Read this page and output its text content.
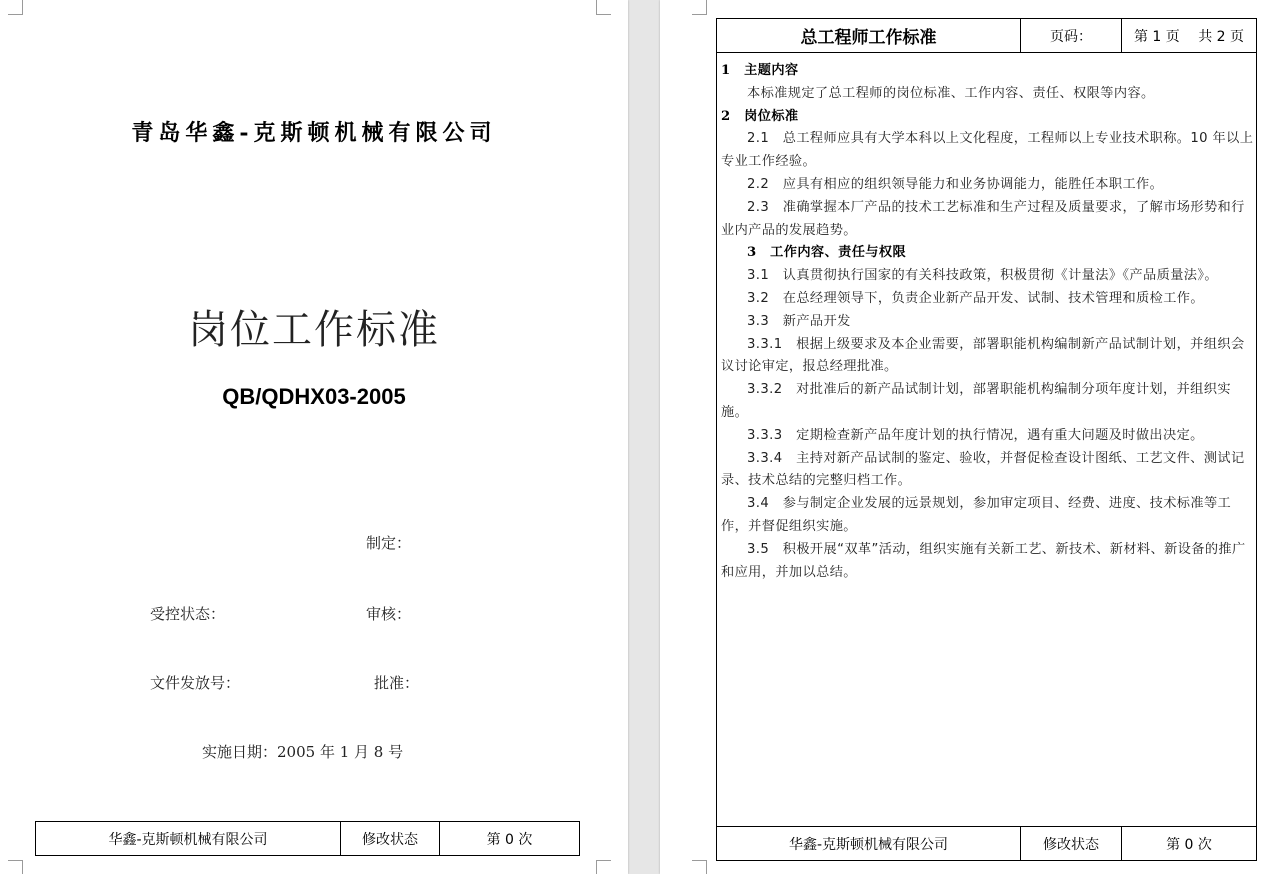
青岛华鑫-克斯顿机械有限公司
岗位工作标准
QB/QDHX03-2005
制定：
受控状态：	审核：
文件发放号：	批准：
实施日期：2005 年 1 月 8 号
华鑫-克斯顿机械有限公司	修改状态	第 0 次
总工程师工作标准	页码：	第 1 页　 共 2 页

1　主题内容

本标准规定了总工程师的岗位标准、工作内容、责任、权限等内容。

2　岗位标准

2.1　总工程师应具有大学本科以上文化程度，工程师以上专业技术职称。10 年以上专业工作经验。

2.2　应具有相应的组织领导能力和业务协调能力，能胜任本职工作。

2.3　准确掌握本厂产品的技术工艺标准和生产过程及质量要求，了解市场形势和行业内产品的发展趋势。

3　工作内容、责任与权限

3.1　认真贯彻执行国家的有关科技政策，积极贯彻《计量法》《产品质量法》。

3.2　在总经理领导下，负责企业新产品开发、试制、技术管理和质检工作。

3.3　新产品开发

3.3.1　根据上级要求及本企业需要，部署职能机构编制新产品试制计划，并组织会议讨论审定，报总经理批准。

3.3.2　对批准后的新产品试制计划，部署职能机构编制分项年度计划，并组织实施。

3.3.3　定期检查新产品年度计划的执行情况，遇有重大问题及时做出决定。

3.3.4　主持对新产品试制的鉴定、验收，并督促检查设计图纸、工艺文件、测试记录、技术总结的完整归档工作。

3.4　参与制定企业发展的远景规划，参加审定项目、经费、进度、技术标准等工作，并督促组织实施。

3.5　积极开展“双革”活动，组织实施有关新工艺、新技术、新材料、新设备的推广和应用，并加以总结。

华鑫-克斯顿机械有限公司	修改状态	第 0 次
